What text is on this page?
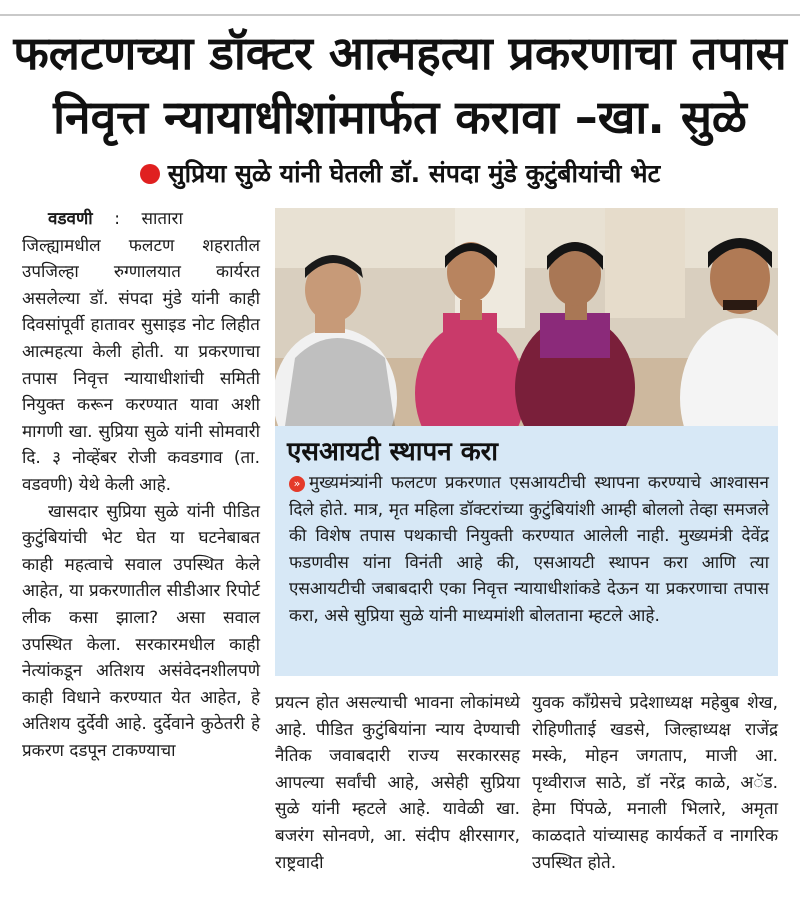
फलटणच्या डॉक्टर आत्महत्या प्रकरणाचा तपास
निवृत्त न्यायाधीशांमार्फत करावा –खा. सुळे
सुप्रिया सुळे यांनी घेतली डॉ. संपदा मुंडे कुटुंबीयांची भेट

वडवणी : सातारा

जिल्ह्यामधील फलटण शहरातील उपजिल्हा रुग्णालयात कार्यरत असलेल्या डॉ. संपदा मुंडे यांनी काही दिवसांपूर्वी हातावर सुसाइड नोट लिहीत आत्महत्या केली होती. या प्रकरणाचा तपास निवृत्त न्यायाधीशांची समिती नियुक्त करून करण्यात यावा अशी मागणी खा. सुप्रिया सुळे यांनी सोमवारी दि. ३ नोव्हेंबर रोजी कवडगाव (ता. वडवणी) येथे केली आहे.

खासदार सुप्रिया सुळे यांनी पीडित कुटुंबियांची भेट घेत या घटनेबाबत काही महत्वाचे सवाल उपस्थित केले आहेत, या प्रकरणातील सीडीआर रिपोर्ट लीक कसा झाला? असा सवाल उपस्थित केला. सरकारमधील काही नेत्यांकडून अतिशय असंवेदनशीलपणे काही विधाने करण्यात येत आहेत, हे अतिशय दुर्देवी आहे. दुर्देवाने कुठेतरी हे प्रकरण दडपून टाकण्याचा

एसआयटी स्थापन करा
» मुख्यमंत्र्यांनी फलटण प्रकरणात एसआयटीची स्थापना करण्याचे आश्वासन दिले होते. मात्र, मृत महिला डॉक्टरांच्या कुटुंबियांशी आम्ही बोललो तेव्हा समजले की विशेष तपास पथकाची नियुक्ती करण्यात आलेली नाही. मुख्यमंत्री देवेंद्र फडणवीस यांना विनंती आहे की, एसआयटी स्थापन करा आणि त्या एसआयटीची जबाबदारी एका निवृत्त न्यायाधीशांकडे देऊन या प्रकरणाचा तपास करा, असे सुप्रिया सुळे यांनी माध्यमांशी बोलताना म्हटले आहे.

प्रयत्न होत असल्याची भावना लोकांमध्ये आहे. पीडित कुटुंबियांना न्याय देण्याची नैतिक जवाबदारी राज्य सरकारसह आपल्या सर्वांची आहे, असेही सुप्रिया सुळे यांनी म्हटले आहे. यावेळी खा. बजरंग सोनवणे, आ. संदीप क्षीरसागर, राष्ट्रवादी

युवक काँग्रेसचे प्रदेशाध्यक्ष महेबुब शेख, रोहिणीताई खडसे, जिल्हाध्यक्ष राजेंद्र मस्के, मोहन जगताप, माजी आ. पृथ्वीराज साठे, डॉ नरेंद्र काळे, अॅड. हेमा पिंपळे, मनाली भिलारे, अमृता काळदाते यांच्यासह कार्यकर्ते व नागरिक उपस्थित होते.
